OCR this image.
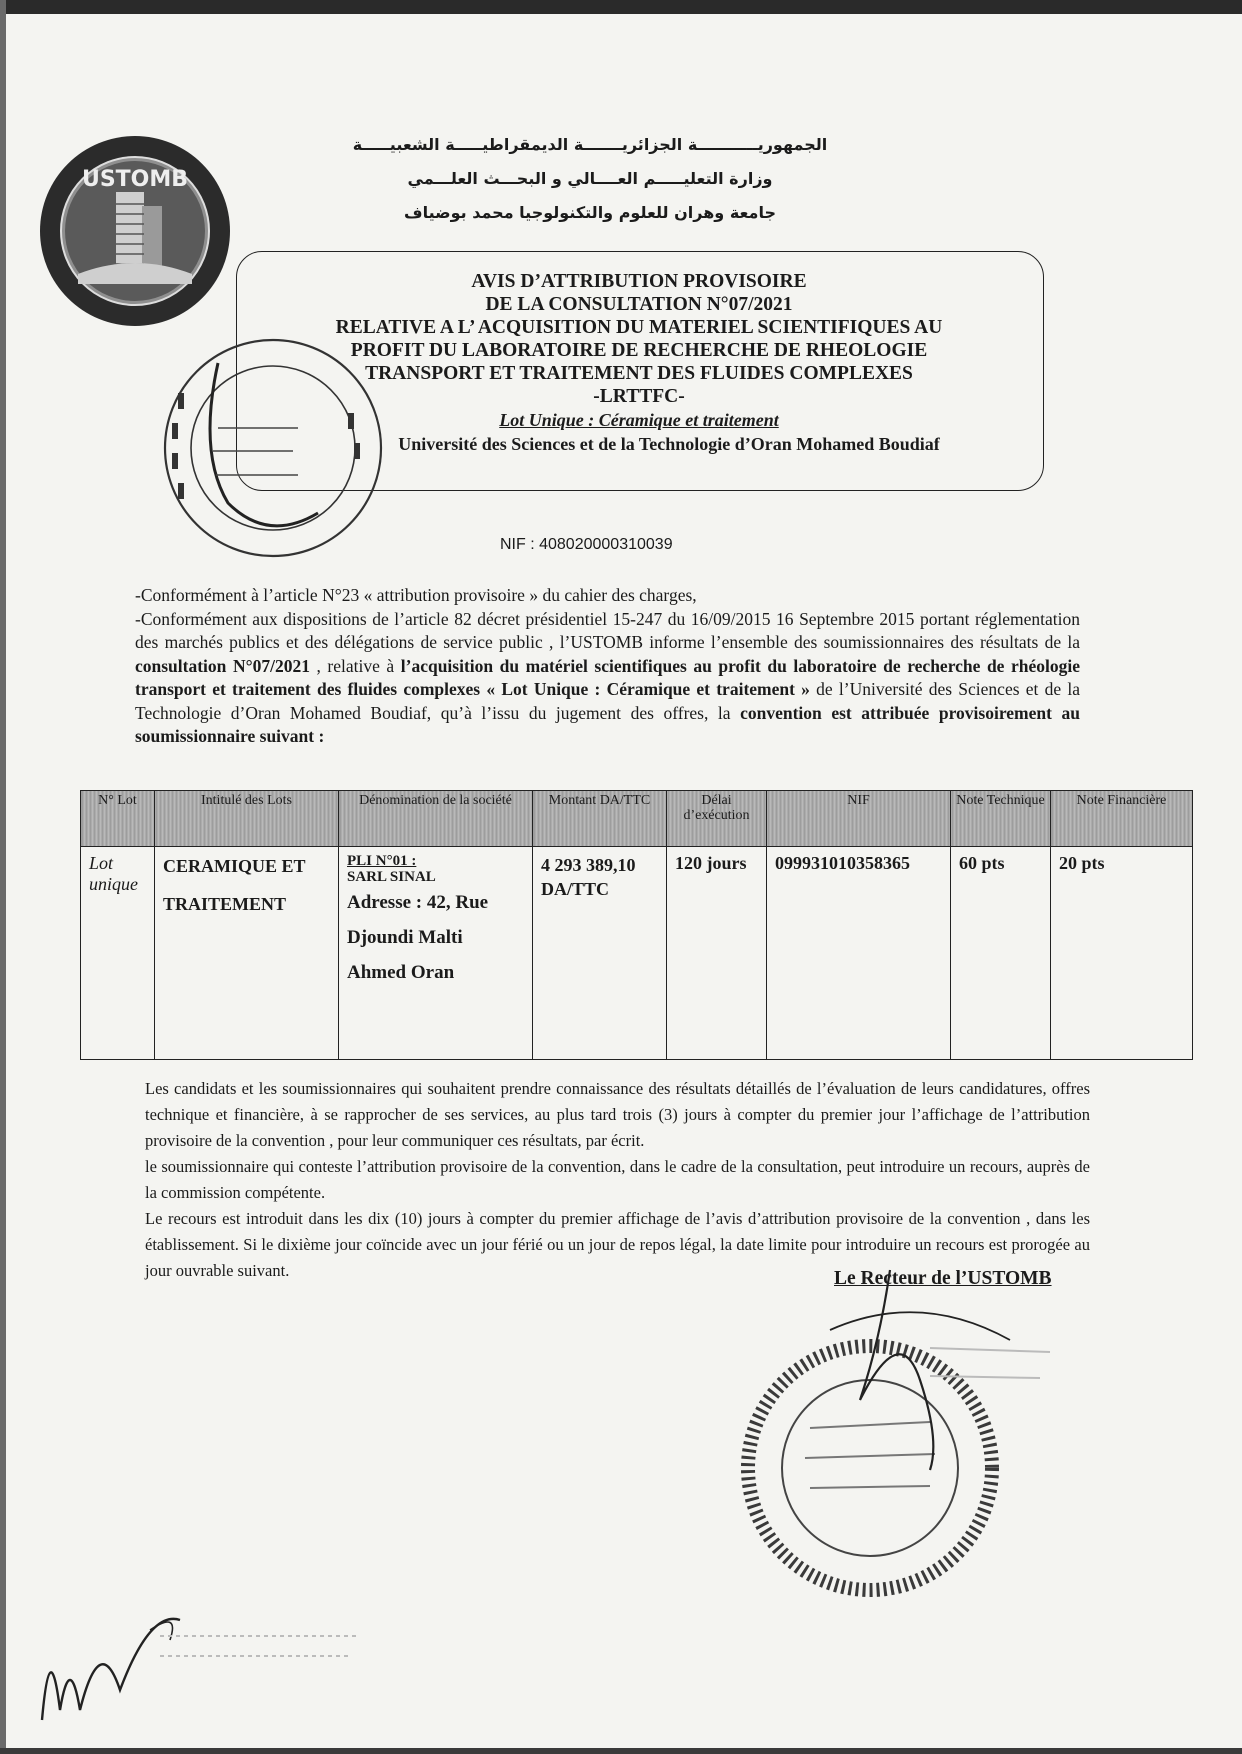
USTOMB
الجمهوريـــــــــــة الجزائريـــــــة الديمقراطيـــــة الشعبيـــــة
وزارة التعليـــــم العــــالي و البحـــث العلـــمي
جامعة وهران للعلوم والتكنولوجيا محمد بوضياف
AVIS D’ATTRIBUTION PROVISOIRE
DE LA CONSULTATION N°07/2021
RELATIVE A L’ ACQUISITION DU MATERIEL SCIENTIFIQUES AU
PROFIT DU LABORATOIRE DE RECHERCHE DE RHEOLOGIE
TRANSPORT ET TRAITEMENT DES FLUIDES COMPLEXES
-LRTTFC-
Lot Unique : Céramique et traitement
Université des Sciences et de la Technologie d’Oran Mohamed Boudiaf
NIF : 408020000310039

-Conformément à l’article N°23 « attribution provisoire » du cahier des charges,

-Conformément aux dispositions de l’article 82 décret présidentiel 15-247 du 16/09/2015 16 Septembre 2015 portant réglementation des marchés publics et des délégations de service public , l’USTOMB informe l’ensemble des soumissionnaires des résultats de la consultation N°07/2021 , relative à l’acquisition du matériel scientifiques au profit du laboratoire de recherche de rhéologie transport et traitement des fluides complexes « Lot Unique : Céramique et traitement » de l’Université des Sciences et de la Technologie d’Oran Mohamed Boudiaf, qu’à l’issu du jugement des offres, la convention est attribuée provisoirement au soumissionnaire suivant :

N° Lot	Intitulé des Lots	Dénomination de la société	Montant DA/TTC	Délai d’exécution	NIF	Note Technique	Note Financière
Lot unique	CERAMIQUE ET TRAITEMENT	PLI N°01 :
SARL SINAL
Adresse : 42, Rue Djoundi Malti Ahmed Oran	4 293 389,10 DA/TTC	120 jours	099931010358365	60 pts	20 pts

Les candidats et les soumissionnaires qui souhaitent prendre connaissance des résultats détaillés de l’évaluation de leurs candidatures, offres technique et financière, à se rapprocher de ses services, au plus tard trois (3) jours à compter du premier jour l’affichage de l’attribution provisoire de la convention , pour leur communiquer ces résultats, par écrit.

le soumissionnaire qui conteste l’attribution provisoire de la convention, dans le cadre de la consultation, peut introduire un recours, auprès de la commission compétente.

Le recours est introduit dans les dix (10) jours à compter du premier affichage de l’avis d’attribution provisoire de la convention , dans les établissement. Si le dixième jour coïncide avec un jour férié ou un jour de repos légal, la date limite pour introduire un recours est prorogée au jour ouvrable suivant.	Le Recteur de l’USTOMB
